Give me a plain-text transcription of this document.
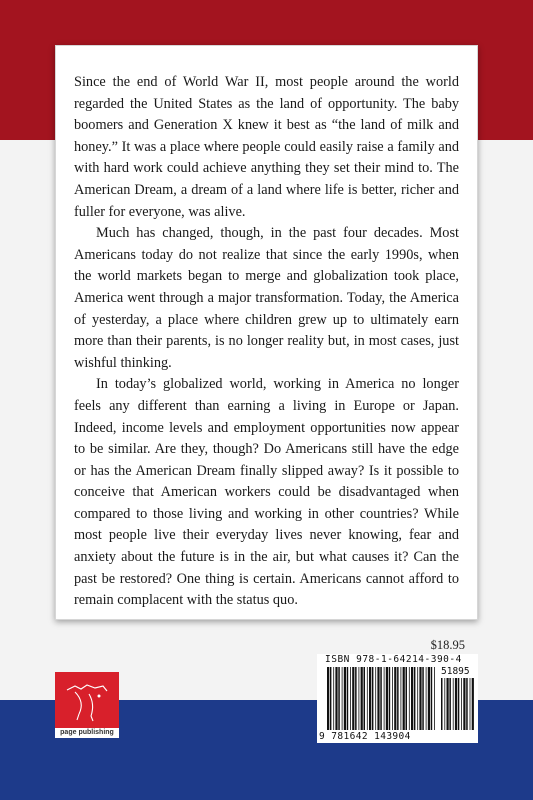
Since the end of World War II, most people around the world regarded the United States as the land of opportunity. The baby boomers and Generation X knew it best as “the land of milk and honey.” It was a place where people could easily raise a family and with hard work could achieve anything they set their mind to. The American Dream, a dream of a land where life is better, richer and fuller for everyone, was alive.

Much has changed, though, in the past four decades. Most Americans today do not realize that since the early 1990s, when the world markets began to merge and globalization took place, America went through a major transformation. Today, the America of yesterday, a place where children grew up to ultimately earn more than their parents, is no longer reality but, in most cases, just wishful thinking.

In today’s globalized world, working in America no longer feels any different than earning a living in Europe or Japan. Indeed, income levels and employment opportunities now appear to be similar. Are they, though? Do Americans still have the edge or has the American Dream finally slipped away? Is it possible to conceive that American workers could be disadvantaged when compared to those living and working in other countries? While most people live their everyday lives never knowing, fear and anxiety about the future is in the air, but what causes it? Can the past be restored? One thing is certain. Americans cannot afford to remain complacent with the status quo.

$18.95
ISBN 978-1-64214-390-4
51895
9 781642 143904
page publishing
